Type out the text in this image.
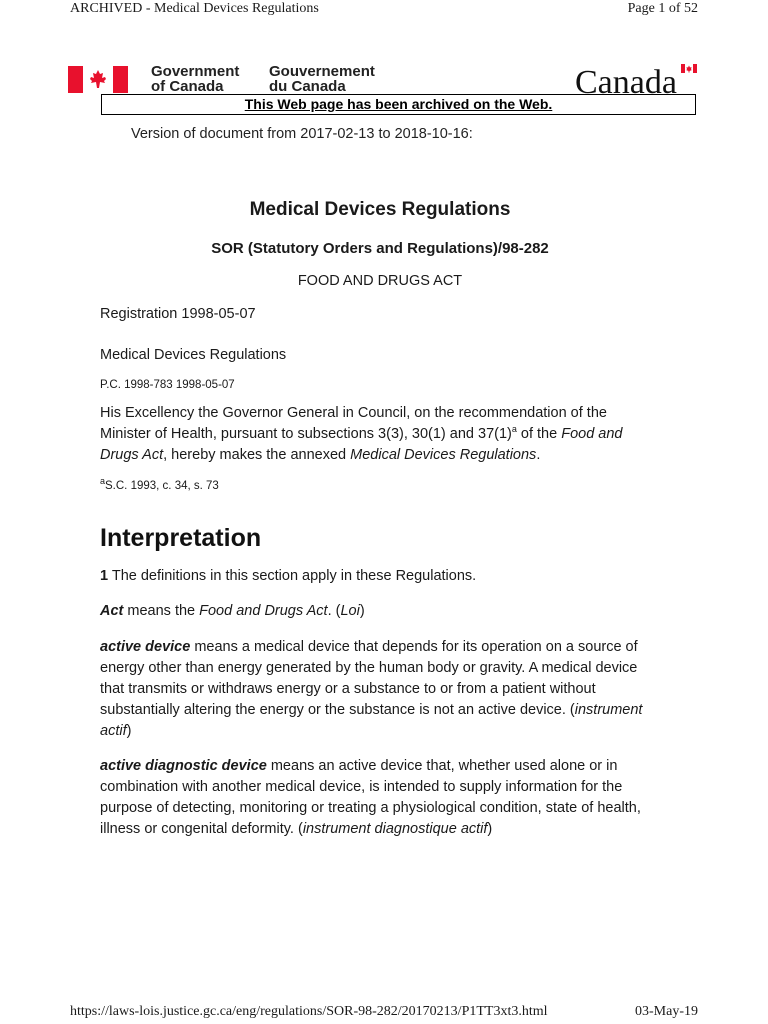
ARCHIVED - Medical Devices Regulations	Page 1 of 52
Government
of Canada
Gouvernement
du Canada	Canada
This Web page has been archived on the Web.
Version of document from 2017-02-13 to 2018-10-16:
Medical Devices Regulations
SOR (Statutory Orders and Regulations)/98-282
FOOD AND DRUGS ACT

Registration 1998-05-07

Medical Devices Regulations

P.C. 1998-783 1998-05-07

His Excellency the Governor General in Council, on the recommendation of the Minister of Health, pursuant to subsections 3(3), 30(1) and $37(1)^a$ of the Food and Drugs Act, hereby makes the annexed Medical Devices Regulations.

$^a$S.C. 1993, c. 34, s. 73

Interpretation

1 The definitions in this section apply in these Regulations.

Act means the Food and Drugs Act. (Loi)

active device means a medical device that depends for its operation on a source of energy other than energy generated by the human body or gravity. A medical device that transmits or withdraws energy or a substance to or from a patient without substantially altering the energy or the substance is not an active device. (instrument actif)

active diagnostic device means an active device that, whether used alone or in combination with another medical device, is intended to supply information for the purpose of detecting, monitoring or treating a physiological condition, state of health, illness or congenital deformity. (instrument diagnostique actif)

https://laws-lois.justice.gc.ca/eng/regulations/SOR-98-282/20170213/P1TT3xt3.html	03-May-19
